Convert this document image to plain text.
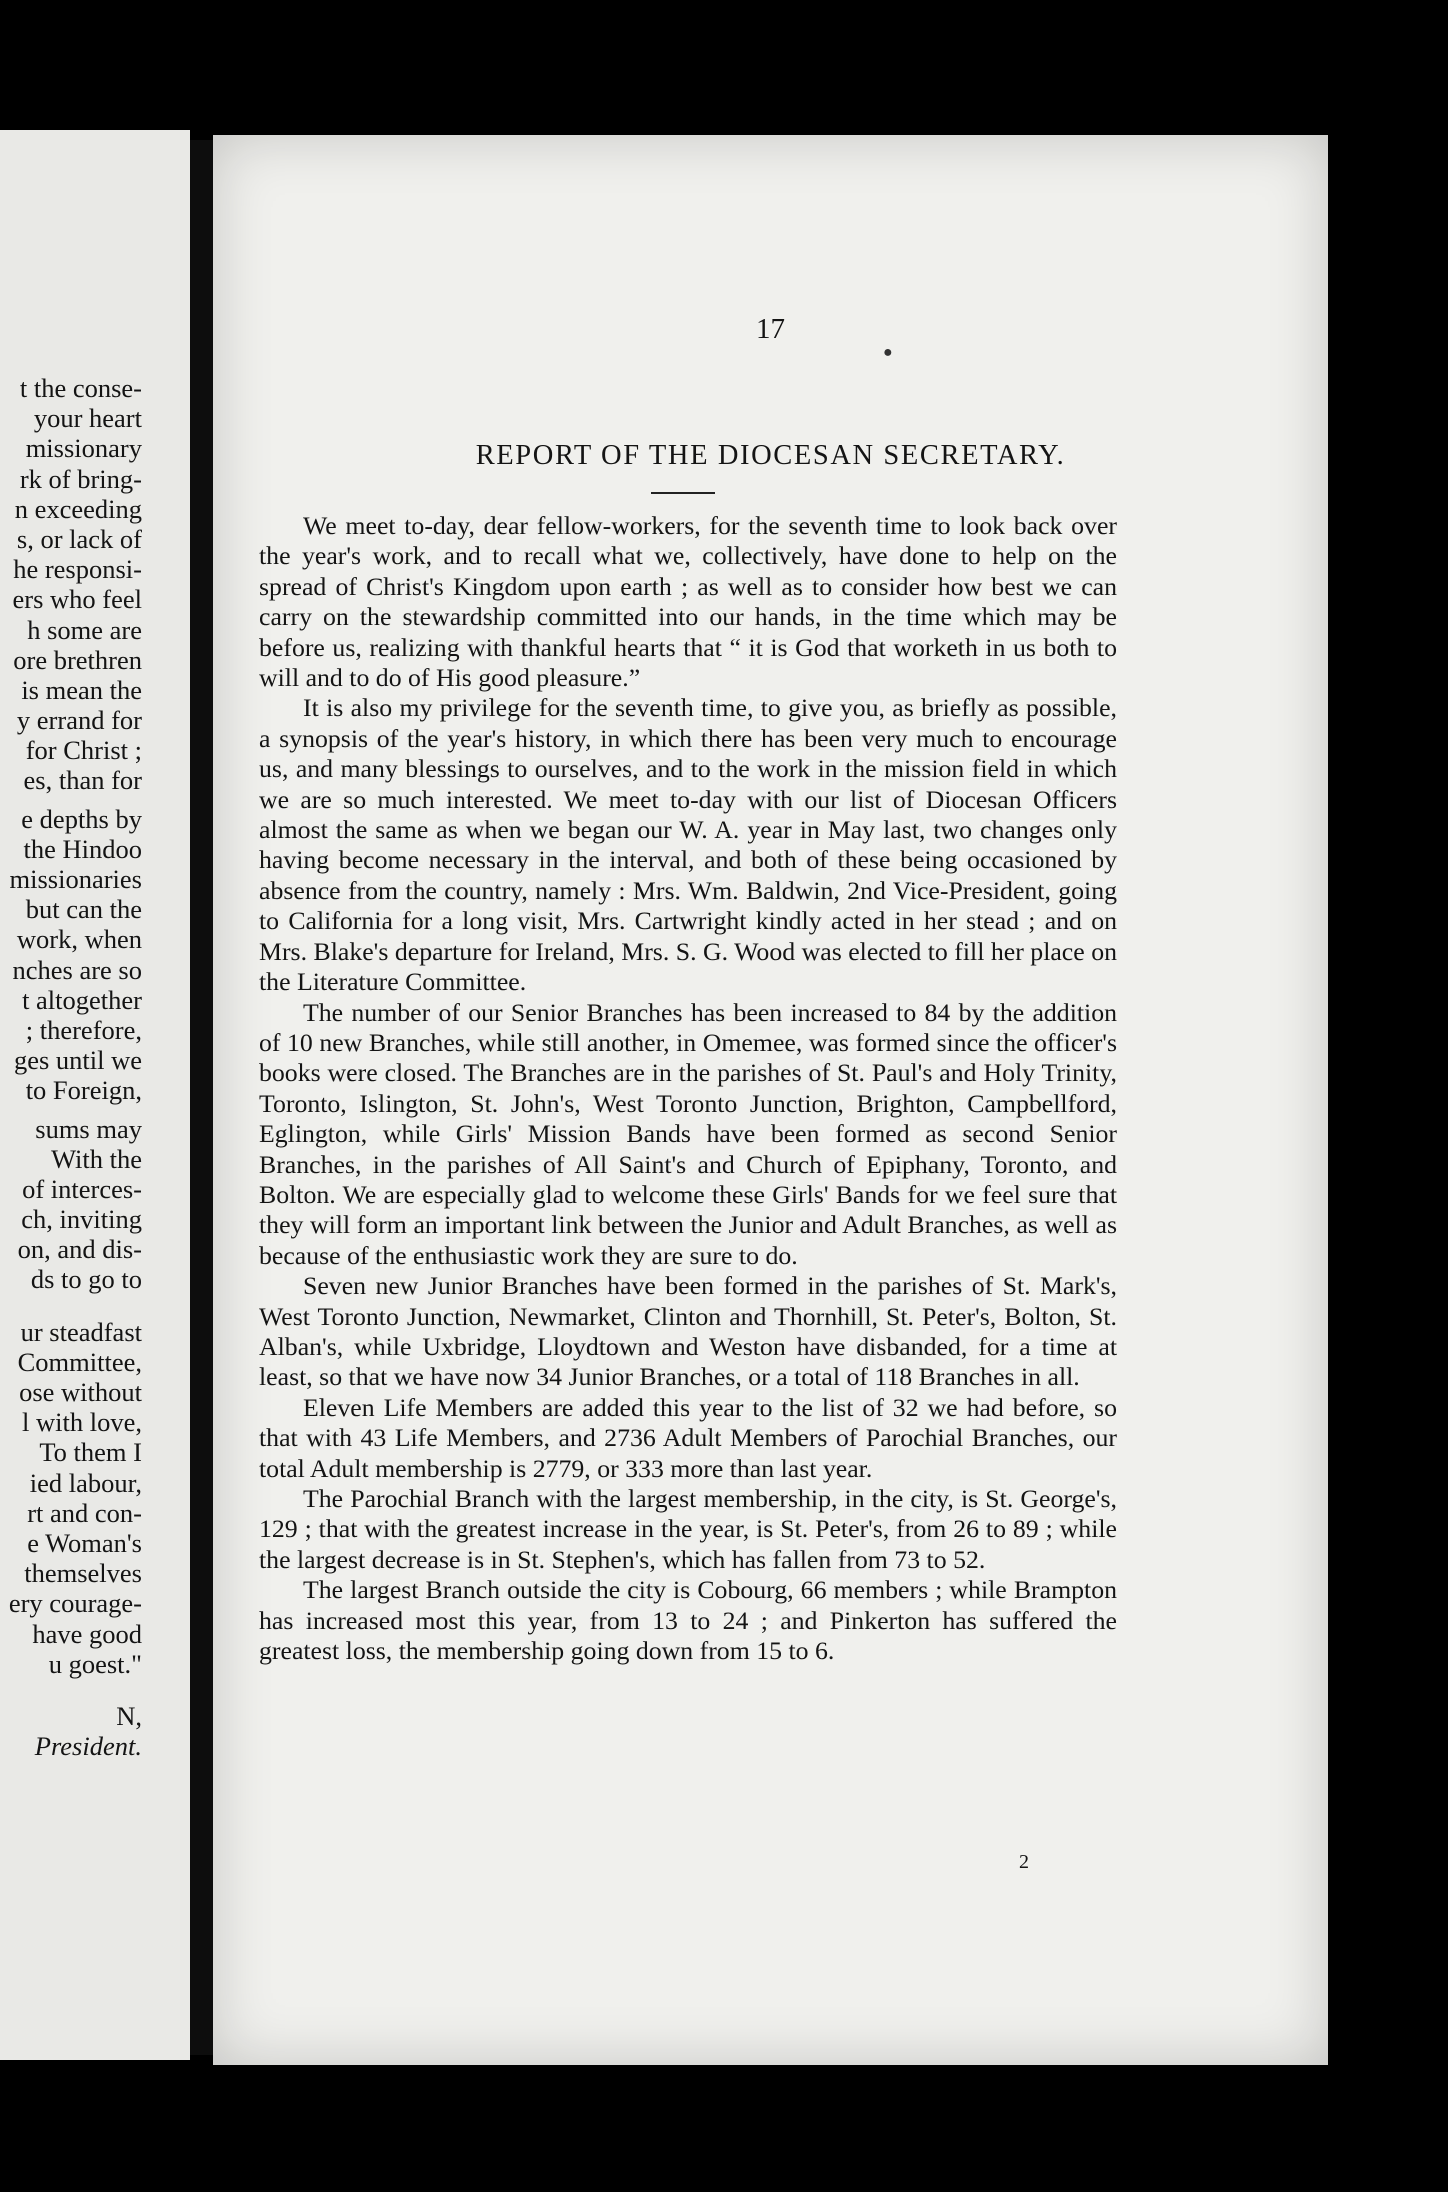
t the conse-
your heart
missionary
rk of bring-
n exceeding
s, or lack of
he responsi-
ers who feel
h some are
ore brethren
is mean the
y errand for
for Christ ;
es, than for
e depths by
the Hindoo
missionaries
but can the
work, when
nches are so
t altogether
; therefore,
ges until we
to Foreign,
sums may
With the
of interces-
ch, inviting
on, and dis-
ds to go to
ur steadfast
Committee,
ose without
l with love,
To them I
ied labour,
rt and con-
e Woman's
themselves
ery courage-
have good
u goest."
N,
President.
●
17
REPORT OF THE DIOCESAN SECRETARY.

We meet to-day, dear fellow-workers, for the seventh time to look back over the year's work, and to recall what we, collectively, have done to help on the spread of Christ's Kingdom upon earth ; as well as to consider how best we can carry on the stewardship committed into our hands, in the time which may be before us, realizing with thankful hearts that “ it is God that worketh in us both to will and to do of His good pleasure.”

It is also my privilege for the seventh time, to give you, as briefly as possible, a synopsis of the year's history, in which there has been very much to encourage us, and many blessings to ourselves, and to the work in the mission field in which we are so much interested. We meet to-day with our list of Diocesan Officers almost the same as when we began our W. A. year in May last, two changes only having become necessary in the interval, and both of these being occasioned by absence from the country, namely : Mrs. Wm. Baldwin, 2nd Vice-President, going to California for a long visit, Mrs. Cartwright kindly acted in her stead ; and on Mrs. Blake's departure for Ireland, Mrs. S. G. Wood was elected to fill her place on the Literature Committee.

The number of our Senior Branches has been increased to 84 by the addition of 10 new Branches, while still another, in Omemee, was formed since the officer's books were closed. The Branches are in the parishes of St. Paul's and Holy Trinity, Toronto, Islington, St. John's, West Toronto Junction, Brighton, Campbellford, Eglington, while Girls' Mission Bands have been formed as second Senior Branches, in the parishes of All Saint's and Church of Epiphany, Toronto, and Bolton. We are especially glad to welcome these Girls' Bands for we feel sure that they will form an important link between the Junior and Adult Branches, as well as because of the enthusiastic work they are sure to do.

Seven new Junior Branches have been formed in the parishes of St. Mark's, West Toronto Junction, Newmarket, Clinton and Thornhill, St. Peter's, Bolton, St. Alban's, while Uxbridge, Lloydtown and Weston have disbanded, for a time at least, so that we have now 34 Junior Branches, or a total of 118 Branches in all.

Eleven Life Members are added this year to the list of 32 we had before, so that with 43 Life Members, and 2736 Adult Members of Parochial Branches, our total Adult membership is 2779, or 333 more than last year.

The Parochial Branch with the largest membership, in the city, is St. George's, 129 ; that with the greatest increase in the year, is St. Peter's, from 26 to 89 ; while the largest decrease is in St. Stephen's, which has fallen from 73 to 52.

The largest Branch outside the city is Cobourg, 66 members ; while Brampton has increased most this year, from 13 to 24 ; and Pinkerton has suffered the greatest loss, the membership going down from 15 to 6.

2
